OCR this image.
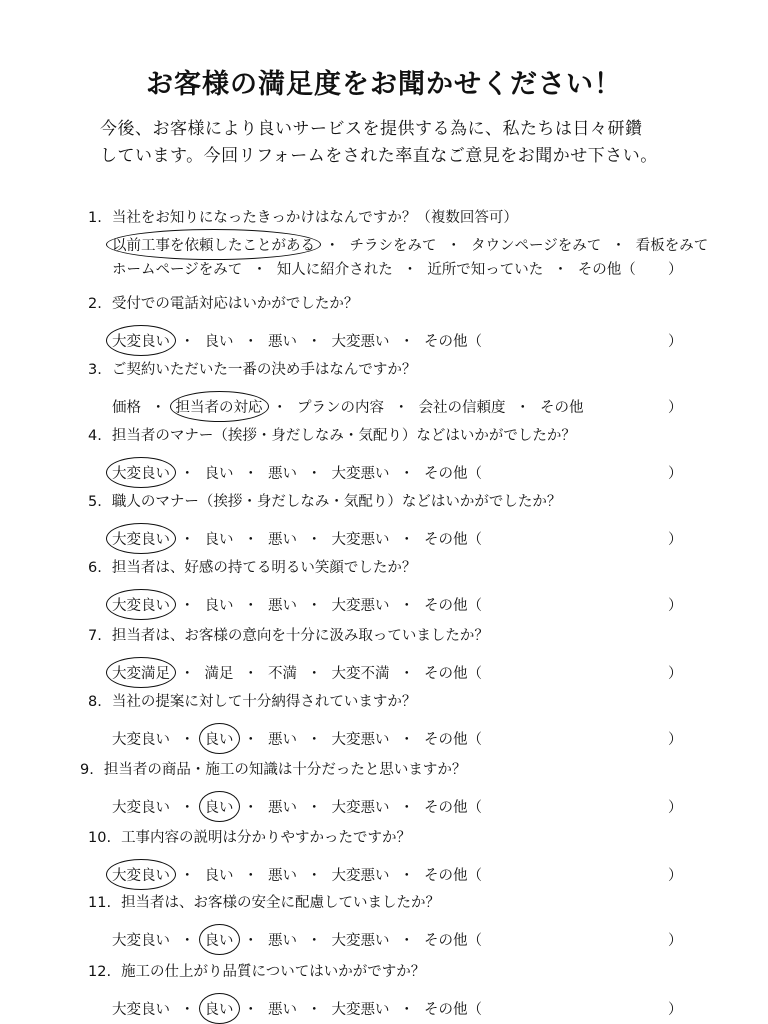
お客様の満足度をお聞かせください！
今後、お客様により良いサービスを提供する為に、私たちは日々研鑽
しています。今回リフォームをされた率直なご意見をお聞かせ下さい。
1. 当社をお知りになったきっかけはなんですか？（複数回答可）
以前工事を依頼したことがある ・ チラシをみて ・ タウンページをみて ・ 看板をみて
ホームページをみて ・ 知人に紹介された ・ 近所で知っていた ・ その他（ ）
2. 受付での電話対応はいかがでしたか？
大変良い ・ 良い ・ 悪い ・ 大変悪い ・ その他（	）
3. ご契約いただいた一番の決め手はなんですか？
価格 ・ 担当者の対応 ・ プランの内容 ・ 会社の信頼度 ・ その他	）
4. 担当者のマナー（挨拶・身だしなみ・気配り）などはいかがでしたか？
大変良い ・ 良い ・ 悪い ・ 大変悪い ・ その他（	）
5. 職人のマナー（挨拶・身だしなみ・気配り）などはいかがでしたか？
大変良い ・ 良い ・ 悪い ・ 大変悪い ・ その他（	）
6. 担当者は、好感の持てる明るい笑顔でしたか？
大変良い ・ 良い ・ 悪い ・ 大変悪い ・ その他（	）
7. 担当者は、お客様の意向を十分に汲み取っていましたか？
大変満足 ・ 満足 ・ 不満 ・ 大変不満 ・ その他（	）
8. 当社の提案に対して十分納得されていますか？
大変良い ・ 良い ・ 悪い ・ 大変悪い ・ その他（	）
9. 担当者の商品・施工の知識は十分だったと思いますか？
大変良い ・ 良い ・ 悪い ・ 大変悪い ・ その他（	）
10. 工事内容の説明は分かりやすかったですか？
大変良い ・ 良い ・ 悪い ・ 大変悪い ・ その他（	）
11. 担当者は、お客様の安全に配慮していましたか？
大変良い ・ 良い ・ 悪い ・ 大変悪い ・ その他（	）
12. 施工の仕上がり品質についてはいかがですか？
大変良い ・ 良い ・ 悪い ・ 大変悪い ・ その他（	）
